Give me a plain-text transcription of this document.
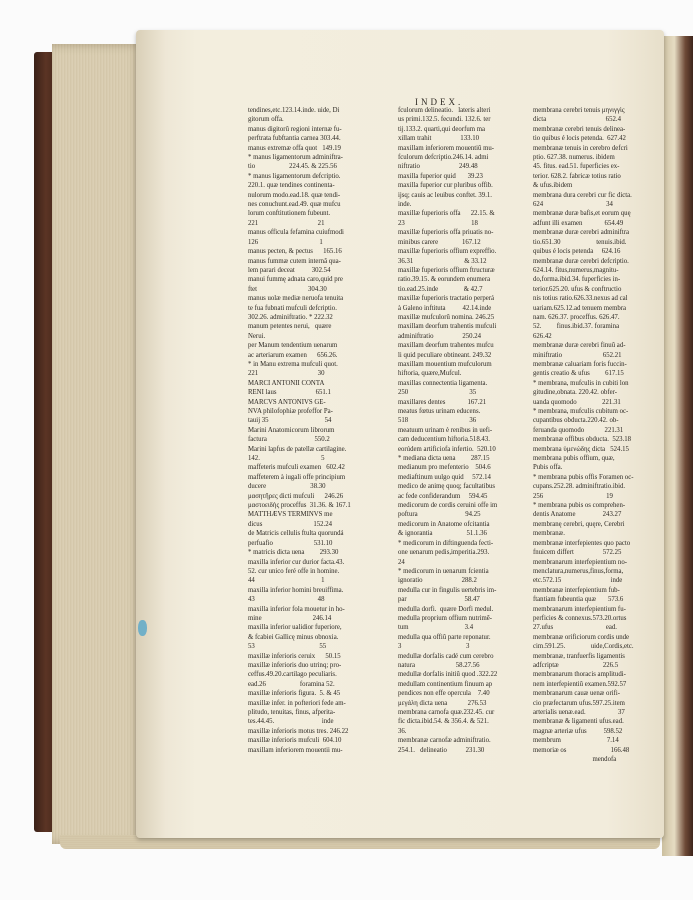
INDEX.
tendines,etc.123.14.inde. uide, Di
gitorum offa.
manus digitorũ regioni internæ fu-
perftrata fubftantia carnea 303.44.
manus extremæ offa quot   149.19
* manus ligamentorum adminiftra-
tio                    224.45. & 225.56
* manus ligamentorum defcriptio.
220.1. quæ tendines continenta-
nulorum modo.ead.18. quæ tendi-
nes conuchunt.ead.49. quæ mufcu
lorum conftitutionem fubeunt.
221                                   21
manus officula fefamina cuiufmodi
126                                    1
manus pecten, & pectus      165.16
manus fummæ cutem internâ qua-
lem parari deceat          302.54
manui fummę adnata caro,quid pre
ftet                              304.30
manus uolæ mediæ neruofa tenuita
te fua fubnati mufculi defcriptio.
302.26. adminiftratio. * 222.32
manum petentes nerui,   quære
Nerui.
per Manum tendentium uenarum
ac arteriarum examen      656.26.
* in Manu extrema mufculi quot.
221                                   30
MARCI ANTONII CONTA
RENI laus                       651.1
MARCVS ANTONIVS GE-
NVA philofophiæ profeffor Pa-
tauij 35                                 54
Marini Anatomicorum librorum
factura                            550.2
Marini lapfus de patellæ cartilagine.
142.                                    5
maffeteris mufculi examen   602.42
maffeterem à iugali offe principium
ducere                          38.30
μασητῆρες dicti mufculi      246.26
μαστοειδὴς proceffus  31.36. & 167.1
MATTHÆVS TERMINVS me
dicus                              152.24
de Matricis cellulis ftulta quorundá
perfuafio                        531.10
* matricis dicta uena         293.30
maxilla inferior cur durior facta.43.
52. cur unico feré offe in homine.
44                                       1
maxilla inferior homini breuiffima.
43                                     48
maxilla inferior fola mouetur in ho-
mine                              246.14
maxilla inferior ualidior fuperiore,
& fcabiei Gallicę minus obnoxia.
53                                      55
maxillæ inferioris ceruix      50.15
maxillæ inferioris duo utrinq; pro-
ceffus.49.20.cartilago peculiaris.
ead.26                    foramina 52.
maxillæ inferioris figura.  5. & 45
maxillæ infer. in pofteriori fede am-
plitudo, tenuitas, finus, afperita-
tes.44.45.                            inde
maxillæ inferioris motus tres. 246.22
maxillæ inferioris mufculi  604.10
maxillam inferiorem mouentii mu-
fculorum delineatio.   lateris alteri
us primi.132.5. fecundi. 132.6. ter
tij.133.2. quarti,qui deorfum ma
xillam trahit                 133.10
maxillam inferiorem mouentiũ mu-
fculorum defcriptio.246.14. admi
niftratio                       249.48
maxilla fuperior quid       39.23
maxilla fuperior cur pluribus offib.
ijsq; cauis ac leuibus conftet. 39.1.
inde.
maxillæ fuperioris offa      22.15. &
23                                       18
maxillæ fuperioris offa priuatis no-
minibus carere              167.12
maxillæ fuperioris offium expreffio.
36.31                              & 33.12
maxillæ fuperioris offium ftructuræ
ratio.39.15. & eorundem enumera
tio.ead.25.inde               & 42.7
maxillæ fuperioris tractatio perperá
à Galeno inftituta          42.14.inde
maxillæ mufculorũ nomina. 246.25
maxillam deorfum trahentis mufculi
adminiftratio                 250.24
maxillam deorfum trahentes mufcu
li quid peculiare obtineant. 249.32
maxillam mouentium mufculorum
hiftoria, quære,Mufcul.
maxillas connectentia ligamenta.
250                                    35
maxillares dentes             167.21
meatus fœtus urinam educens.
518                                    36
meatuum urinam è renibus in uefi-
cam deducentium hiftoria.518.43.
eorúdem artificiofa infertio.  520.10
* mediana dicta uena         287.15
medianum pro mefenterio    504.6
mediaftinum uulgo quid     572.14
medico de animę quoq; facultatibus
ac fede confiderandum     594.45
medicorum de cordis ceruini offe im
poftura                            94.25
medicorum in Anatome ofcitantia
& ignorantia                    51.1.36
* medicorum in diftinguenda fecti-
one uenarum pedis,imperitia.293.
24
* medicorum in uenarum fcientia
ignoratio                       288.2
medulla cur in fingulis uertebris im-
par                                  58.47
medulla dorfi.  quære Dorfi medul.
medulla proprium offium nutrimẽ-
tum                                 3.4
medulla qua offiũ parte reponatur.
3                                      3
medullæ dorfalis cadé cum cerebro
natura                        58.27.56
medullæ dorfalis initiũ quod .322.22
medullam continentium finuum ap
pendices non effe opercula    7.40
μεγάλη dicta uena            276.53
membrana carnofa quæ.232.45. cur
fic dicta.ibid.54. & 356.4. & 521.
36.
membranæ carnofæ adminiftratio.
254.1.   delineatio           231.30
membrana cerebri tenuis μηνιγγὶς
dicta                                   652.4
membranæ cerebri tenuis delinea-
tio quibus é locis petenda.  627.42
membranæ tenuis in cerebro defcri
ptio. 627.38. numerus. ibidem
45. fitus. ead.51. fuperficies ex-
terior. 628.2. fabricæ totius ratio
& ufus.ibidem
membrana dura cerebri cur fic dicta.
624                                     34
membranæ duræ bafis,et eorum quę
adfunt illi examen             654.49
membranæ duræ cerebri adminiftra
tio.651.30                     tenuis.ibid.
quibus é locis petenda     624.16
membranæ duræ cerebri defcriptio.
624.14. fitus,numerus,magnitu-
do,forma.ibid.34. fuperficies in-
terior.625.20. ufus & conftructio
nis totius ratio.626.33.nexus ad cal
uariam.625.12.ad tenuem membra
nam. 626.37. proceffus. 626.47.
52.         finus.ibid.37. foramina
626.42
membranæ duræ cerebri finuũ ad-
miniftratio                        652.21
membranæ caluariam foris fuccin-
gentis creatio & ufus         617.15
* membrana, mufculis in cubiti lon
gitudine,obnata. 220.42. obfer-
uanda quomodo               221.31
* membrana, mufculis cubitum oc-
cupantibus obducta.220.42. ob-
feruanda quomodo            221.31
membranæ offibus obducta.  523.18
membrana ὑμενώδης dicta   524.15
membrana pubis offium, quæ,
Pubis offa.
* membrana pubis offis Foramen oc-
cupans.252.28. adminiftratio.ibid.
256                                     19
* membrana pubis os comprehen-
dentis Anatome                243.27
membranę cerebri, quęre, Cerebri
membranæ.
membranæ interfepientes quo pacto
fnuicem differt                 572.25
membranarum interfepientium no-
menclatura,numerus,finus,forma,
etc.572.15                             inde
membranæ interfepientium fub-
ftantiam fubeuntia quæ       573.6
membranarum interfepientium fu-
perficies & connexus.573.20.ortus
27.ufus                               ead.
membranæ orificiorum cordis unde
cim.591.25.               uide,Cordis,etc.
membranæ, tranfuerfis ligamentis
adfcriptæ                          226.5
membranarum thoracis amplitudi-
nem interfepientiũ examen.592.57
membranarum cauæ uenæ orifi-
cio præfectarum ufus.597.25.item
arterialis uenæ.ead.                   37
membranæ & ligamenti ufus.ead.
magnæ arteriæ ufus          598.52
membrum                           7.14
memoriæ os                          166.48
mendofa
